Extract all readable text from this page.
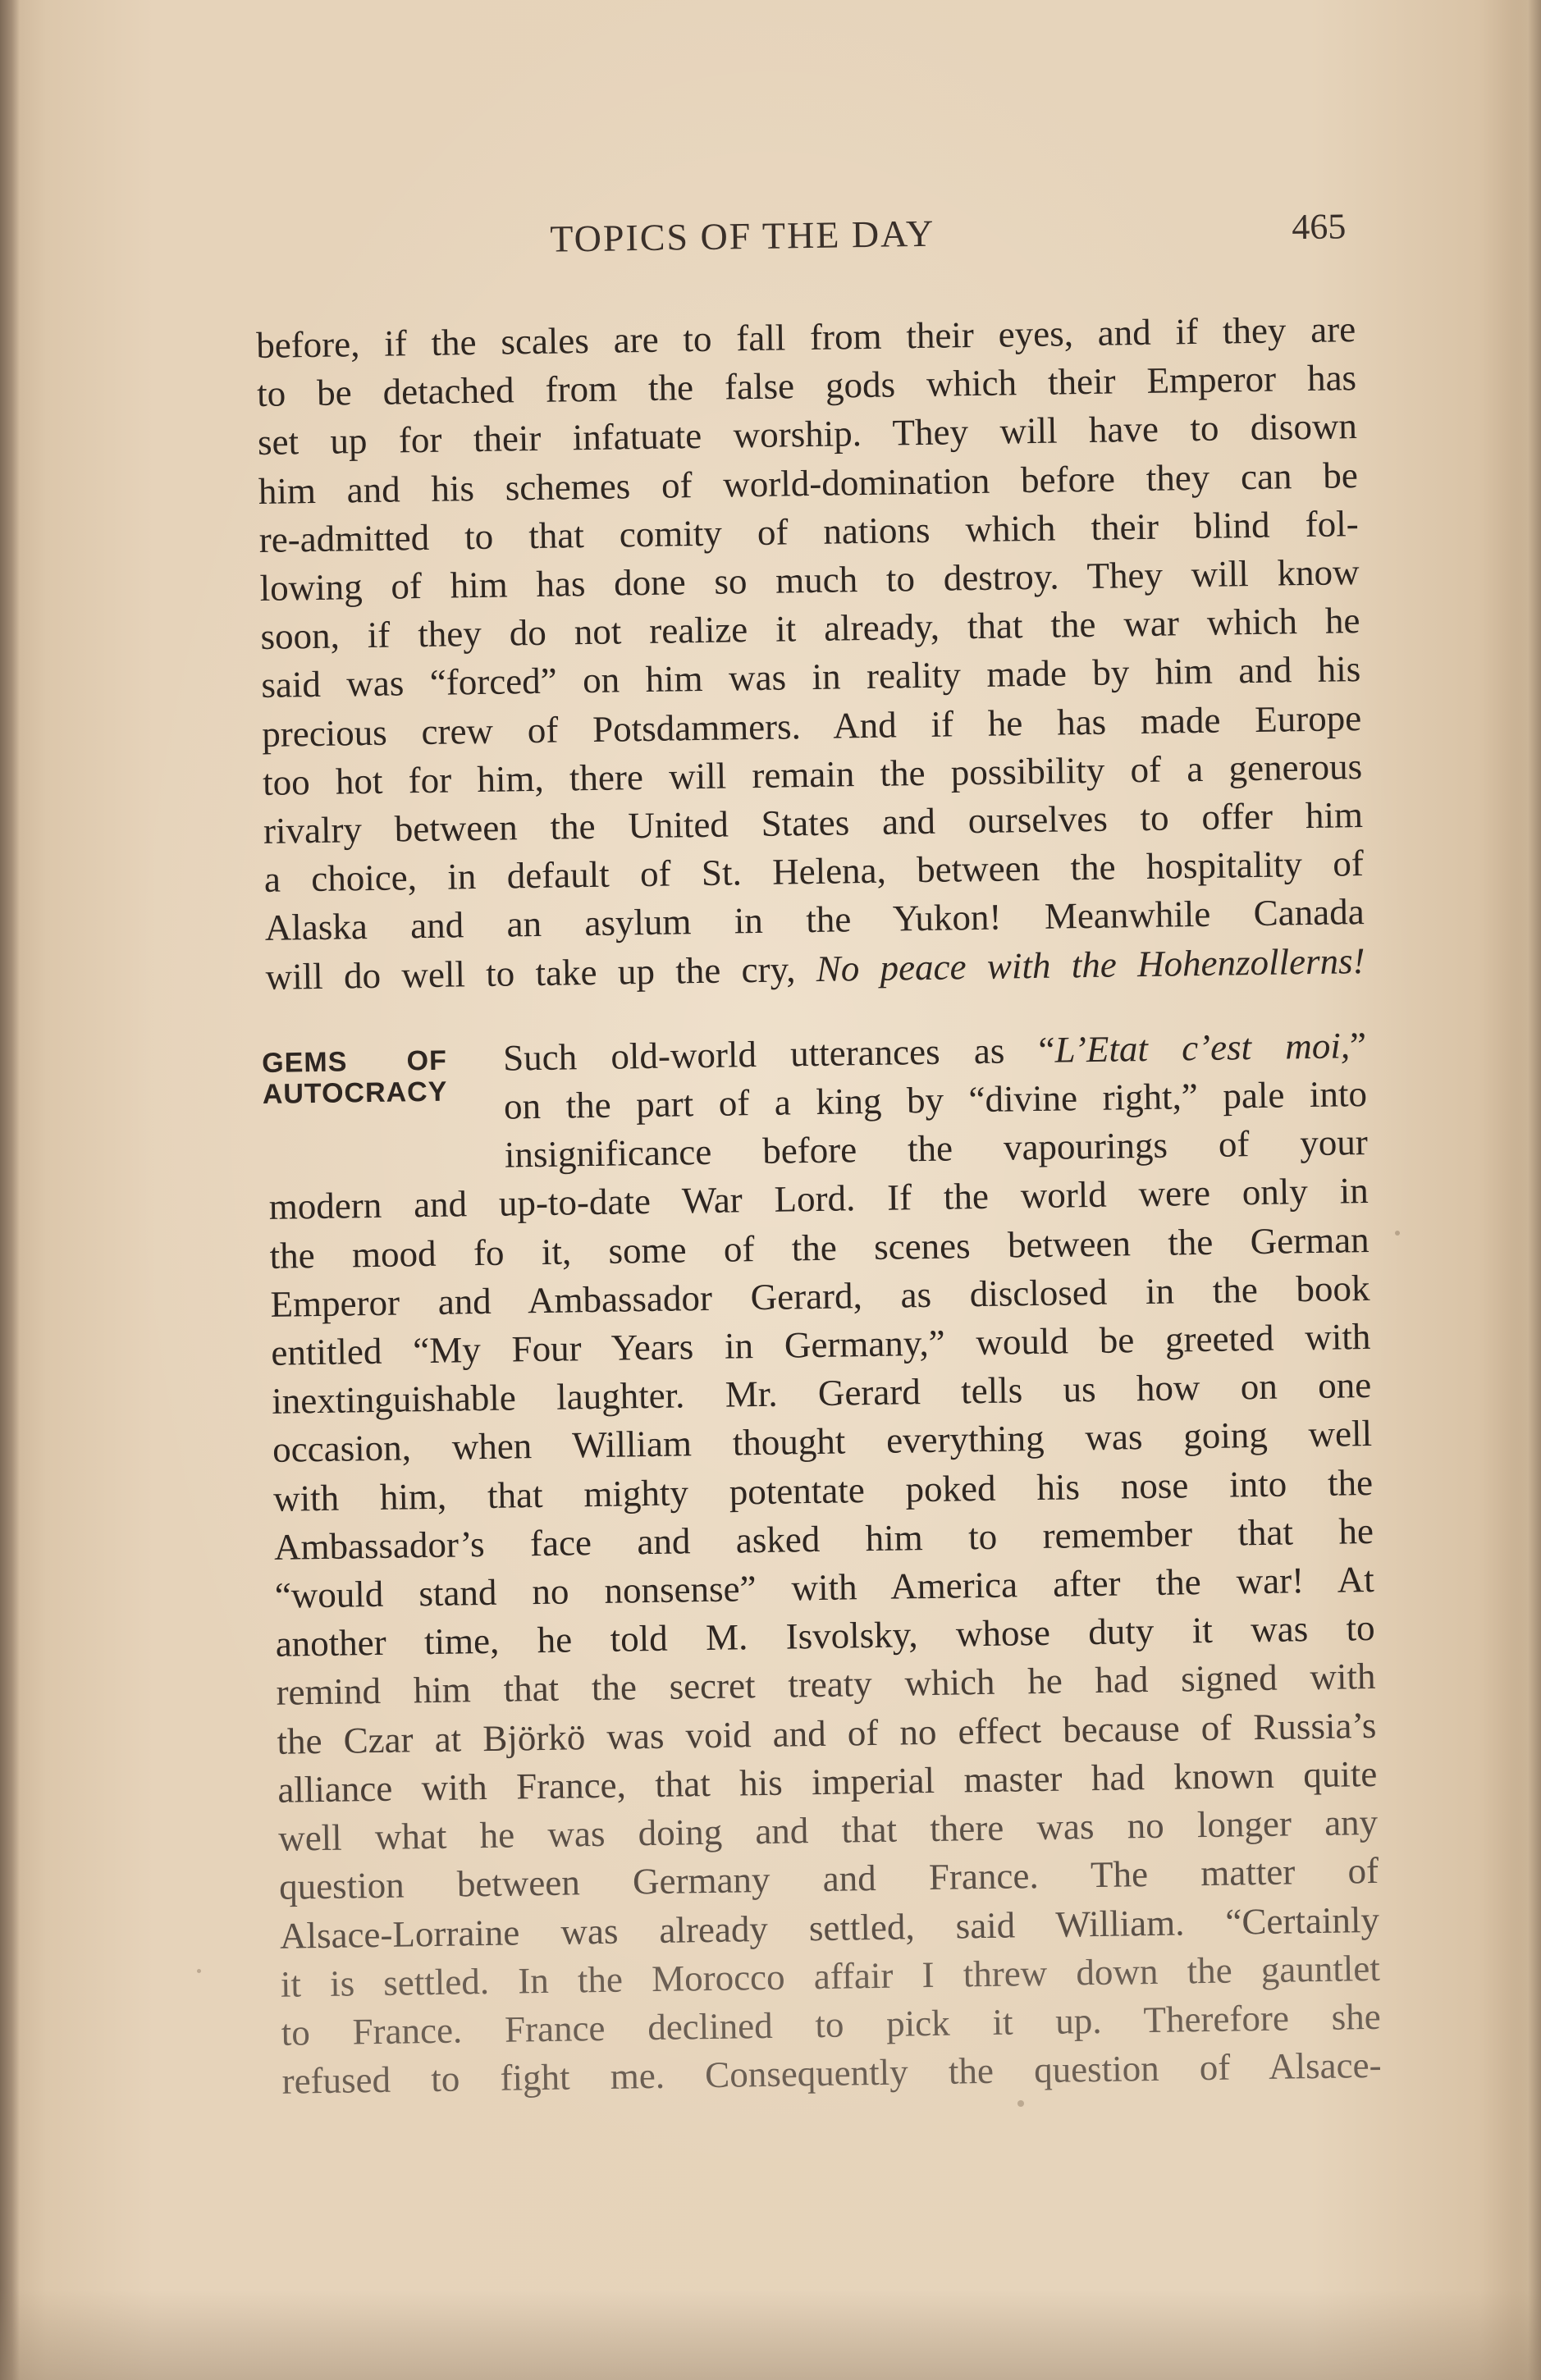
TOPICS OF THE DAY	465
before, if the scales are to fall from their eyes, and if they are
to be detached from the false gods which their Emperor has
set up for their infatuate worship. They will have to disown
him and his schemes of world-domination before they can be
re-admitted to that comity of nations which their blind fol-
lowing of him has done so much to destroy. They will know
soon, if they do not realize it already, that the war which he
said was “forced” on him was in reality made by him and his
precious crew of Potsdammers. And if he has made Europe
too hot for him, there will remain the possibility of a generous
rivalry between the United States and ourselves to offer him
a choice, in default of St. Helena, between the hospitality of
Alaska and an asylum in the Yukon! Meanwhile Canada
will do well to take up the cry, No peace with the Hohenzollerns!
GEMS OF
AUTOCRACY
Such old-world utterances as “L’Etat c’est moi,”
on the part of a king by “divine right,” pale into
insignificance before the vapourings of your
modern and up-to-date War Lord. If the world were only in
the mood fo it, some of the scenes between the German
Emperor and Ambassador Gerard, as disclosed in the book
entitled “My Four Years in Germany,” would be greeted with
inextinguishable laughter. Mr. Gerard tells us how on one
occasion, when William thought everything was going well
with him, that mighty potentate poked his nose into the
Ambassador’s face and asked him to remember that he
“would stand no nonsense” with America after the war! At
another time, he told M. Isvolsky, whose duty it was to
remind him that the secret treaty which he had signed with
the Czar at Björkö was void and of no effect because of Russia’s
alliance with France, that his imperial master had known quite
well what he was doing and that there was no longer any
question between Germany and France. The matter of
Alsace-Lorraine was already settled, said William. “Certainly
it is settled. In the Morocco affair I threw down the gauntlet
to France. France declined to pick it up. Therefore she
refused to fight me. Consequently the question of Alsace-
